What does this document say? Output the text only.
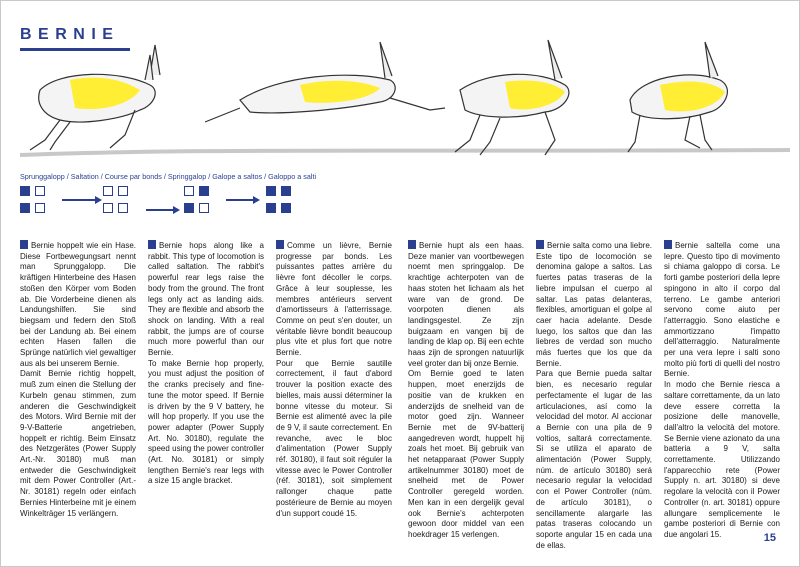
BERNIE
Sprunggalopp / Saltation / Course par bonds / Springgalop / Galope a saltos / Galoppo a salti

Bernie hoppelt wie ein Hase. Diese Fortbewegungsart nennt man Sprunggalopp. Die kräftigen Hinterbeine des Hasen stoßen den Körper vom Boden ab. Die Vorderbeine dienen als Landungshilfen. Sie sind biegsam und federn den Stoß bei der Landung ab. Bei einem echten Hasen fallen die Sprünge natürlich viel gewaltiger aus als bei unserem Bernie.

Damit Bernie richtig hoppelt, muß zum einen die Stellung der Kurbeln genau stimmen, zum anderen die Geschwindigkeit des Motors. Wird Bernie mit der 9-V-Batterie angetrieben, hoppelt er richtig. Beim Einsatz des Netzgerätes (Power Supply Art.-Nr. 30180) muß man entweder die Geschwindigkeit mit dem Power Controller (Art.-Nr. 30181) regeln oder einfach Bernies Hinterbeine mit je einem Winkelträger 15 verlängern.

Bernie hops along like a rabbit. This type of locomotion is called saltation. The rabbit's powerful rear legs raise the body from the ground. The front legs only act as landing aids. They are flexible and absorb the shock on landing. With a real rabbit, the jumps are of course much more powerful than our Bernie.

To make Bernie hop properly, you must adjust the position of the cranks precisely and fine-tune the motor speed. If Bernie is driven by the 9 V battery, he will hop properly. If you use the power adapter (Power Supply Art. No. 30180), regulate the speed using the power controller (Art. No. 30181) or simply lengthen Bernie's rear legs with a size 15 angle bracket.

Comme un lièvre, Bernie progresse par bonds. Les puissantes pattes arrière du lièvre font décoller le corps. Grâce à leur souplesse, les membres antérieurs servent d'amortisseurs à l'atterrissage. Comme on peut s'en douter, un véritable lièvre bondit beaucoup plus vite et plus fort que notre Bernie.

Pour que Bernie sautille correctement, il faut d'abord trouver la position exacte des bielles, mais aussi déterminer la bonne vitesse du moteur. Si Bernie est alimenté avec la pile de 9 V, il saute correctement. En revanche, avec le bloc d'alimentation (Power Supply réf. 30180), il faut soit réguler la vitesse avec le Power Controller (réf. 30181), soit simplement rallonger chaque patte postérieure de Bernie au moyen d'un support coudé 15.

Bernie hupt als een haas. Deze manier van voortbewegen noemt men springgalop. De krachtige achterpoten van de haas stoten het lichaam als het ware van de grond. De voorpoten dienen als landingsgestel. Ze zijn buigzaam en vangen bij de landing de klap op. Bij een echte haas zijn de sprongen natuurlijk veel groter dan bij onze Bernie.

Om Bernie goed te laten huppen, moet enerzijds de positie van de krukken en anderzijds de snelheid van de motor goed zijn. Wanneer Bernie met de 9V-batterij aangedreven wordt, huppelt hij zoals het moet. Bij gebruik van het netapparaat (Power Supply artikelnummer 30180) moet de snelheid met de Power Controller geregeld worden. Men kan in een dergelijk geval ook Bernie's achterpoten gewoon door middel van een hoekdrager 15 verlengen.

Bernie salta como una liebre. Este tipo de locomoción se denomina galope a saltos. Las fuertes patas traseras de la liebre impulsan el cuerpo al saltar. Las patas delanteras, flexibles, amortiguan el golpe al caer hacia adelante. Desde luego, los saltos que dan las liebres de verdad son mucho más fuertes que los que da Bernie.

Para que Bernie pueda saltar bien, es necesario regular perfectamente el lugar de las articulaciones, así como la velocidad del motor. Al accionar a Bernie con una pila de 9 voltios, saltará correctamente. Si se utiliza el aparato de alimentación (Power Supply, núm. de artículo 30180) será necesario regular la velocidad con el Power Controller (núm. de artículo 30181), o sencillamente alargarle las patas traseras colocando un soporte angular 15 en cada una de ellas.

Bernie saltella come una lepre. Questo tipo di movimento si chiama galoppo di corsa. Le forti gambe posteriori della lepre spingono in alto il corpo dal terreno. Le gambe anteriori servono come aiuto per l'atterraggio. Sono elastiche e ammortizzano l'impatto dell'atterraggio. Naturalmente per una vera lepre i salti sono molto più forti di quelli del nostro Bernie.

In modo che Bernie riesca a saltare correttamente, da un lato deve essere corretta la posizione delle manovelle, dall'altro la velocità del motore. Se Bernie viene azionato da una batteria a 9 V, salta correttamente. Utilizzando l'apparecchio rete (Power Supply n. art. 30180) si deve regolare la velocità con il Power Controller (n. art. 30181) oppure allungare semplicemente le gambe posteriori di Bernie con due angolari 15.	15
